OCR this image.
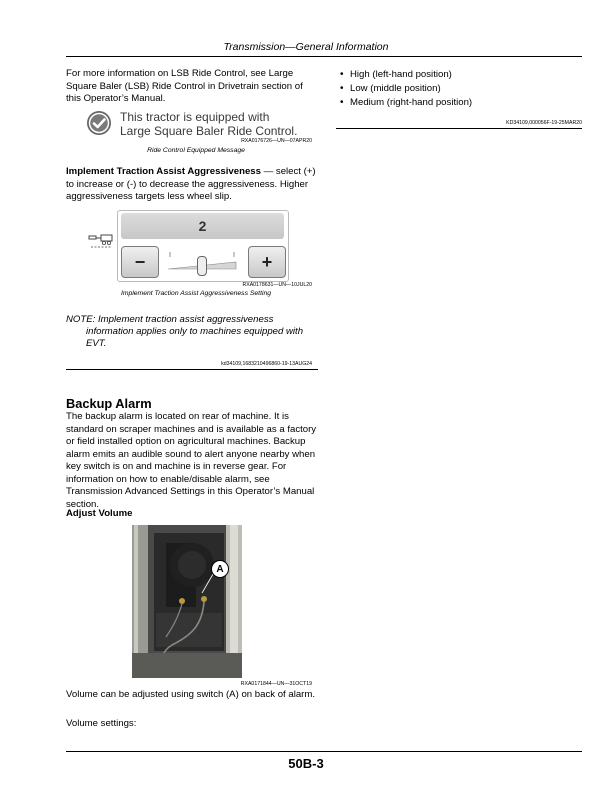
Transmission—General Information
For more information on LSB Ride Control, see Large Square Baler (LSB) Ride Control in Drivetrain section of this Operator’s Manual.
This tractor is equipped with Large Square Baler Ride Control.
RXA0176726—UN—07APR20
Ride Control Equipped Message
Implement Traction Assist Aggressiveness — select (+) to increase or (-) to decrease the aggressiveness. Higher aggressiveness targets less wheel slip.
2
−	+
RXA0178631—UN—10JUL20
Implement Traction Assist Aggressiveness Setting
NOTE: Implement traction assist aggressiveness information applies only to machines equipped with EVT.
kd34109,1683210496860-19-13AUG24
Backup Alarm
The backup alarm is located on rear of machine. It is standard on scraper machines and is available as a factory or field installed option on agricultural machines. Backup alarm emits an audible sound to alert anyone nearby when key switch is on and machine is in reverse gear. For information on how to enable/disable alarm, see Transmission Advanced Settings in this Operator’s Manual section.
Adjust Volume
A
RXA0171844—UN—31OCT19
Volume can be adjusted using switch (A) on back of alarm.
Volume settings:
• High (left-hand position)
• Low (middle position)
• Medium (right-hand position)
KD34109,000056F-19-25MAR20
50B-3
